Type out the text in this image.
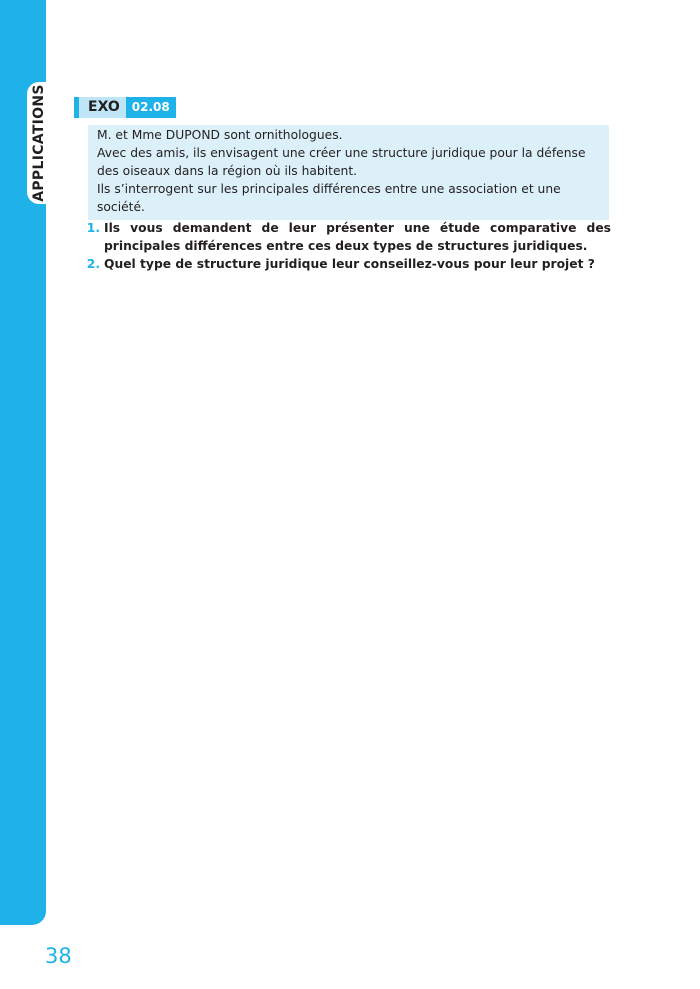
APPLICATIONS	EXO	02.08

M. et Mme DUPOND sont ornithologues.

Avec des amis, ils envisagent une créer une structure juridique pour la défense des oiseaux dans la région où ils habitent.

Ils s’interrogent sur les principales différences entre une association et une société.

1. Ils vous demandent de leur présenter une étude comparative des principales différences entre ces deux types de structures juridiques.
2. Quel type de structure juridique leur conseillez-vous pour leur projet ?
38
